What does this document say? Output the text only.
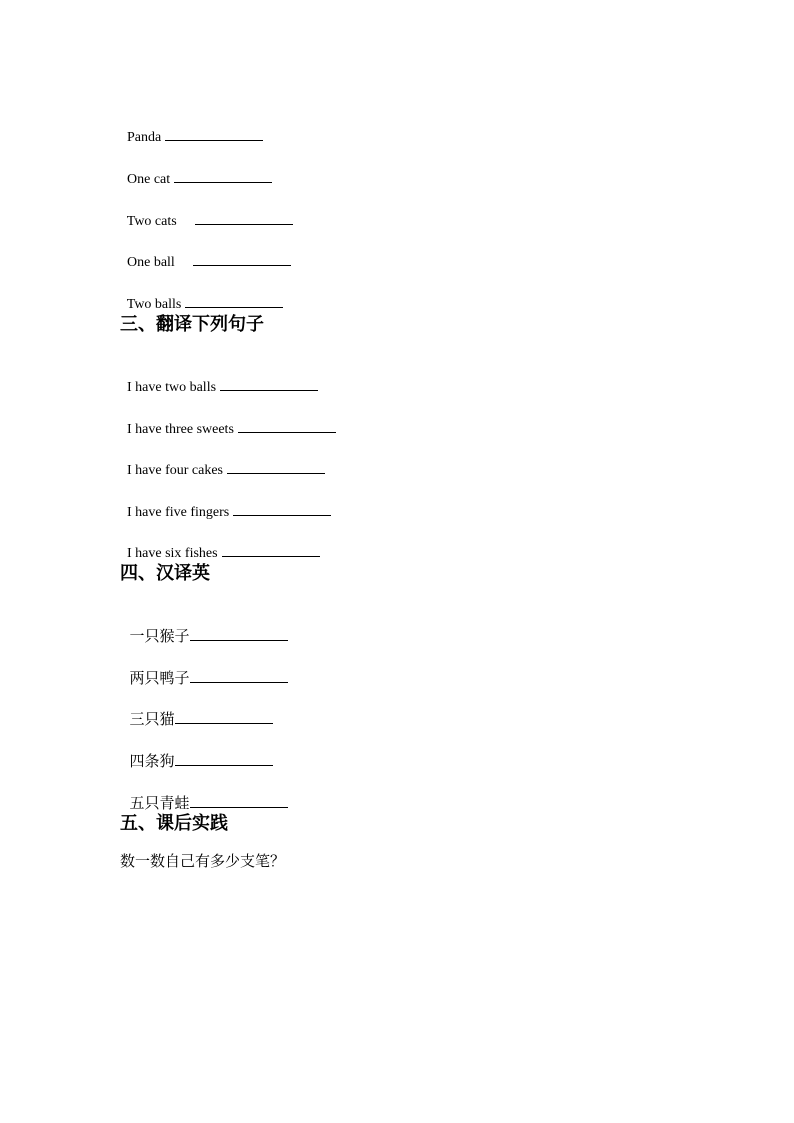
Panda

One cat

Two cats

One ball

Two balls

三、翻译下列句子

I have two balls

I have three sweets

I have four cakes

I have five fingers

I have six fishes

四、汉译英

一只猴子

两只鸭子

三只猫

四条狗

五只青蛙

五、课后实践
数一数自己有多少支笔？
